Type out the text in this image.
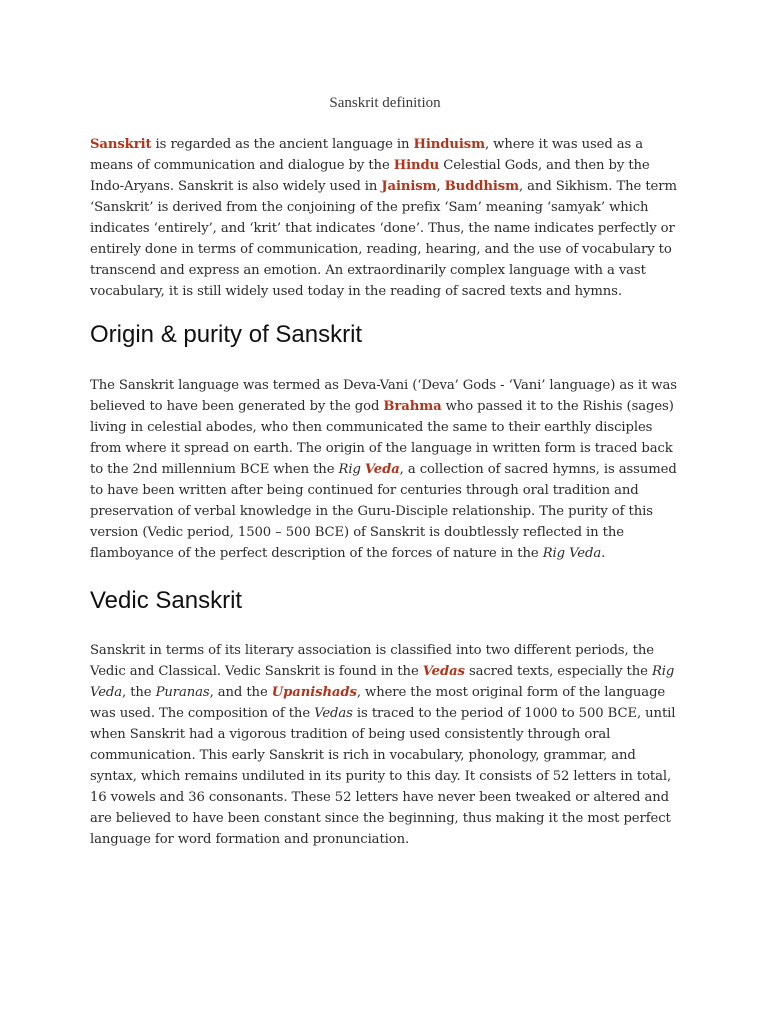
Sanskrit definition

Sanskrit is regarded as the ancient language in Hinduism, where it was used as a means of communication and dialogue by the Hindu Celestial Gods, and then by the Indo-Aryans. Sanskrit is also widely used in Jainism, Buddhism, and Sikhism. The term ‘Sanskrit’ is derived from the conjoining of the prefix ‘Sam’ meaning ‘samyak’ which indicates ‘entirely’, and ‘krit’ that indicates ‘done’. Thus, the name indicates perfectly or entirely done in terms of communication, reading, hearing, and the use of vocabulary to transcend and express an emotion. An extraordinarily complex language with a vast vocabulary, it is still widely used today in the reading of sacred texts and hymns.

Origin & purity of Sanskrit

The Sanskrit language was termed as Deva-Vani (‘Deva’ Gods - ‘Vani’ language) as it was believed to have been generated by the god Brahma who passed it to the Rishis (sages) living in celestial abodes, who then communicated the same to their earthly disciples from where it spread on earth. The origin of the language in written form is traced back to the 2nd millennium BCE when the Rig Veda, a collection of sacred hymns, is assumed to have been written after being continued for centuries through oral tradition and preservation of verbal knowledge in the Guru-Disciple relationship. The purity of this version (Vedic period, 1500 – 500 BCE) of Sanskrit is doubtlessly reflected in the flamboyance of the perfect description of the forces of nature in the Rig Veda.

Vedic Sanskrit

Sanskrit in terms of its literary association is classified into two different periods, the Vedic and Classical. Vedic Sanskrit is found in the Vedas sacred texts, especially the Rig Veda, the Puranas, and the Upanishads, where the most original form of the language was used. The composition of the Vedas is traced to the period of 1000 to 500 BCE, until when Sanskrit had a vigorous tradition of being used consistently through oral communication. This early Sanskrit is rich in vocabulary, phonology, grammar, and syntax, which remains undiluted in its purity to this day. It consists of 52 letters in total, 16 vowels and 36 consonants. These 52 letters have never been tweaked or altered and are believed to have been constant since the beginning, thus making it the most perfect language for word formation and pronunciation.
